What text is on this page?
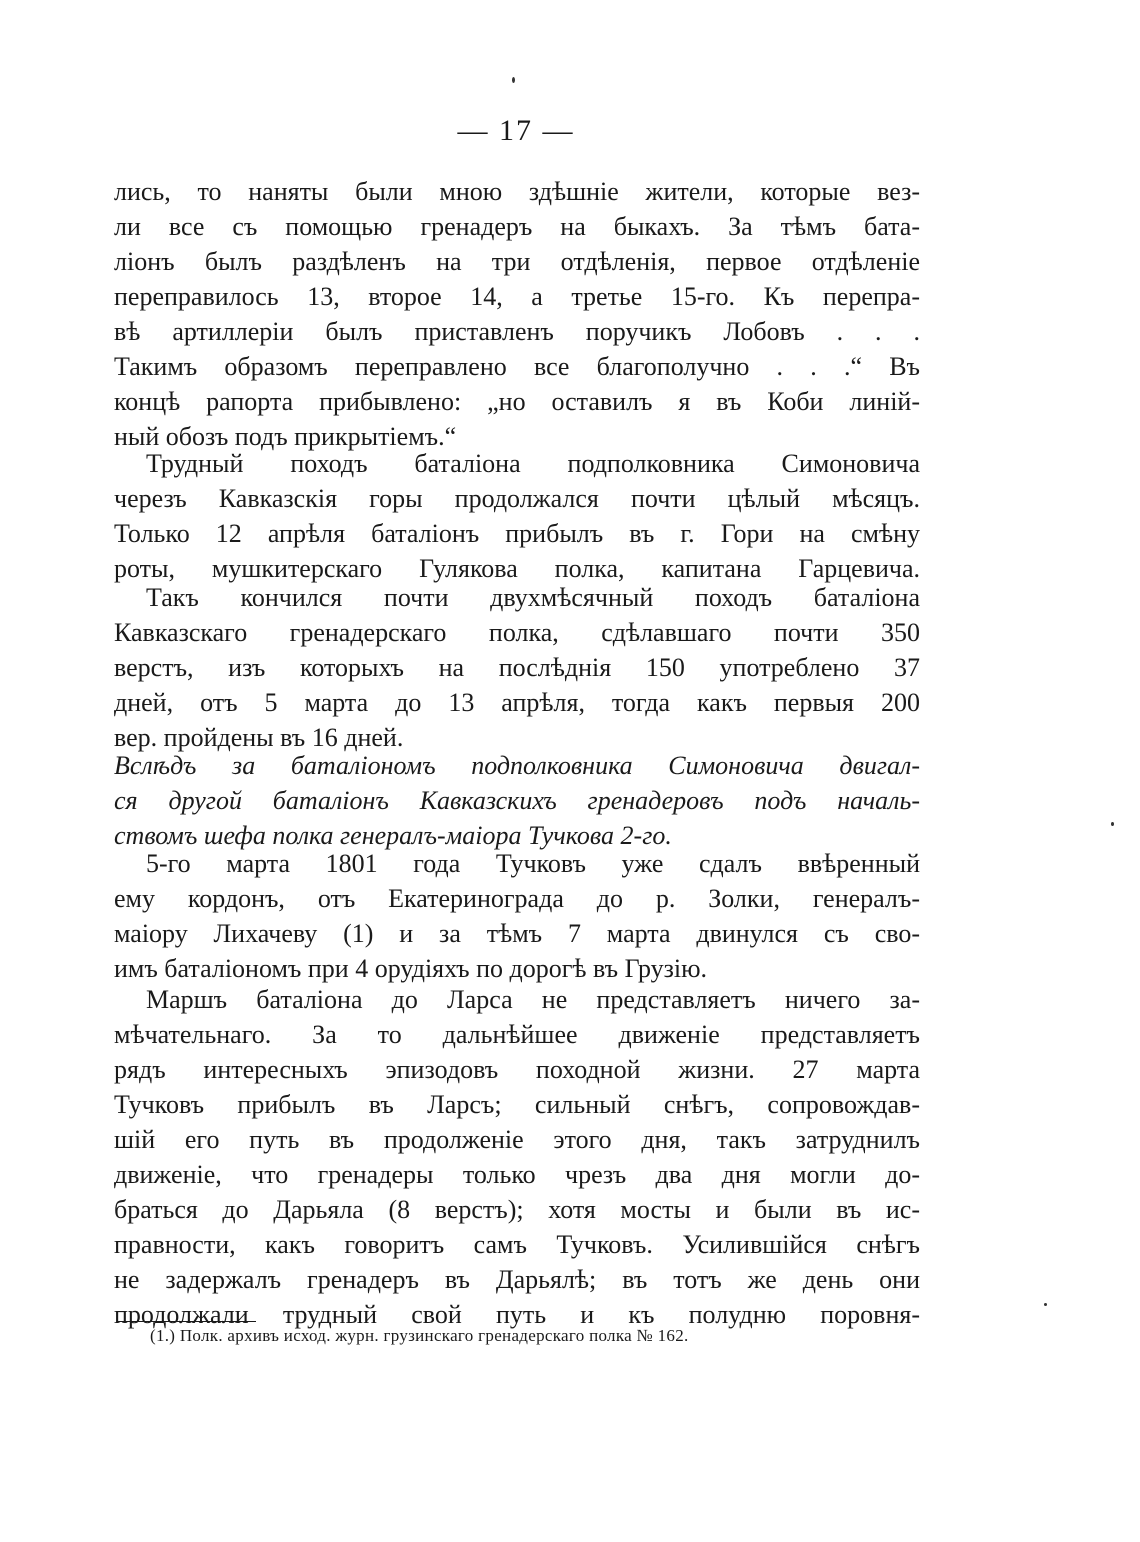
— 17 —
лись, то наняты были мною здѣшніе жители, которые вез-
ли все съ помощью гренадеръ на быкахъ. За тѣмъ бата-
ліонъ былъ раздѣленъ на три отдѣленія, первое отдѣленіе
переправилось 13, второе 14, а третье 15-го. Къ перепра-
вѣ артиллеріи былъ приставленъ поручикъ Лобовъ . . .
Такимъ образомъ переправлено все благополучно . . .“ Въ
концѣ рапорта прибывлено: „но оставилъ я въ Коби линій-
ный обозъ подъ прикрытіемъ.“
Трудный походъ баталіона подполковника Симоновича
черезъ Кавказскія горы продолжался почти цѣлый мѣсяцъ.
Только 12 апрѣля баталіонъ прибылъ въ г. Гори на смѣну
роты, мушкитерскаго Гулякова полка, капитана Гарцевича.
Такъ кончился почти двухмѣсячный походъ баталіона
Кавказскаго гренадерскаго полка, сдѣлавшаго почти 350
верстъ, изъ которыхъ на послѣднія 150 употреблено 37
дней, отъ 5 марта до 13 апрѣля, тогда какъ первыя 200
вер. пройдены въ 16 дней.
Вслѣдъ за баталіономъ подполковника Симоновича двигал-
ся другой баталіонъ Кавказскихъ гренадеровъ подъ началь-
ствомъ шефа полка генералъ-маіора Тучкова 2-го.
5-го марта 1801 года Тучковъ уже сдалъ ввѣренный
ему кордонъ, отъ Екатеринограда до р. Золки, генералъ-
маіору Лихачеву (1) и за тѣмъ 7 марта двинулся съ сво-
имъ баталіономъ при 4 орудіяхъ по дорогѣ въ Грузію.
Маршъ баталіона до Ларса не представляетъ ничего за-
мѣчательнаго. За то дальнѣйшее движеніе представляетъ
рядъ интересныхъ эпизодовъ походной жизни. 27 марта
Тучковъ прибылъ въ Ларсъ; сильный снѣгъ, сопровождав-
шій его путь въ продолженіе этого дня, такъ затруднилъ
движеніе, что гренадеры только чрезъ два дня могли до-
браться до Дарьяла (8 верстъ); хотя мосты и были въ ис-
правности, какъ говоритъ самъ Тучковъ. Усилившійся снѣгъ
не задержалъ гренадеръ въ Дарьялѣ; въ тотъ же день они
продолжали трудный свой путь и къ полудню поровня-
(1.) Полк. архивъ исход. журн. грузинскаго гренадерскаго полка № 162.
